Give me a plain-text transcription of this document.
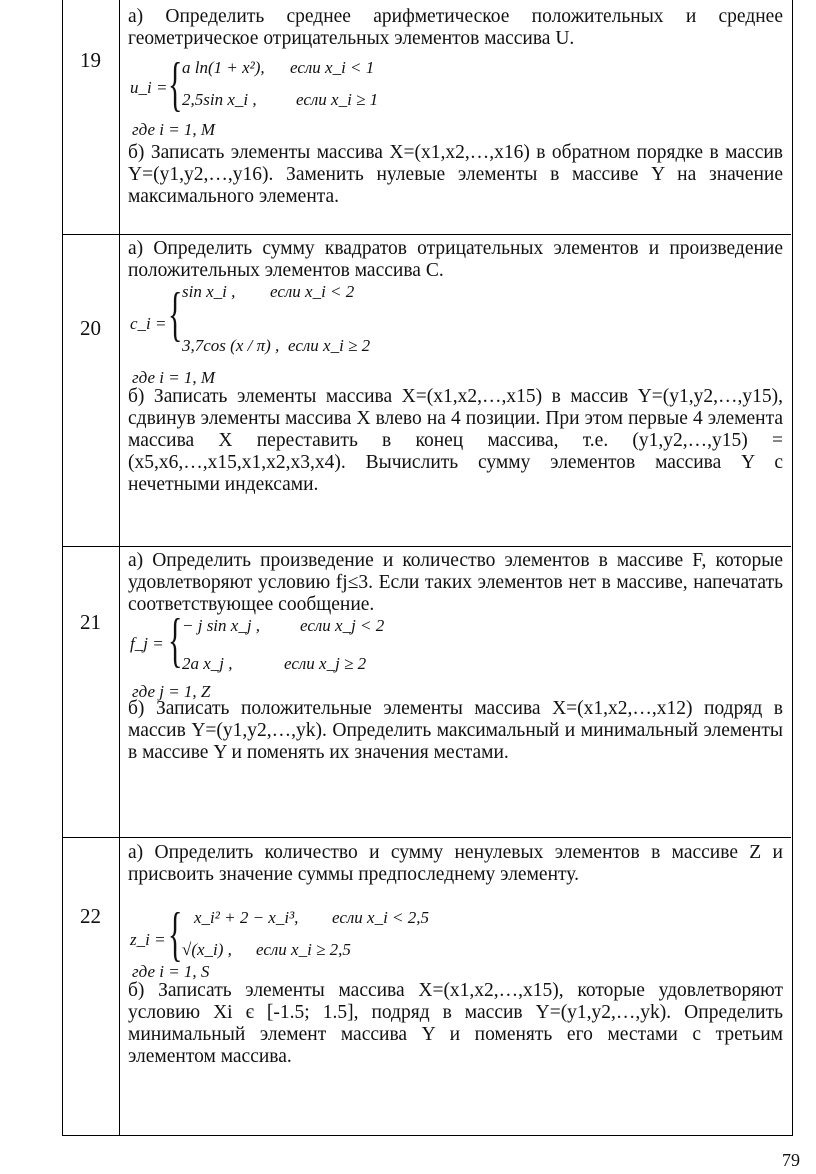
19
а) Определить среднее арифметическое положительных и среднее геометрическое отрицательных элементов массива U.
u_i = { a ln(1 + x²), если x_i < 1
2,5sin x_i , если x_i ≥ 1
где i = 1, M
б) Записать элементы массива X=(x1,x2,…,x16) в обратном порядке в массив Y=(y1,y2,…,y16). Заменить нулевые элементы в массиве Y на значение максимального элемента.
20
а) Определить сумму квадратов отрицательных элементов и произведение положительных элементов массива C.
c_i = { sin x_i , если x_i < 2
3,7cos (x / π) , если x_i ≥ 2
где i = 1, M
б) Записать элементы массива X=(x1,x2,…,x15) в массив Y=(y1,y2,…,y15), сдвинув элементы массива X влево на 4 позиции. При этом первые 4 элемента массива X переставить в конец массива, т.е. (y1,y2,…,y15) = (x5,x6,…,x15,x1,x2,x3,x4). Вычислить сумму элементов массива Y с нечетными индексами.
21
а) Определить произведение и количество элементов в массиве F, которые удовлетворяют условию fj≤3. Если таких элементов нет в массиве, напечатать соответствующее сообщение.
f_j = { − j sin x_j , если x_j < 2
2a x_j ,	если x_j ≥ 2
где j = 1, Z
б) Записать положительные элементы массива X=(x1,x2,…,x12) подряд в массив Y=(y1,y2,…,yk). Определить максимальный и минимальный элементы в массиве Y и поменять их значения местами.
22
а) Определить количество и сумму ненулевых элементов в массиве Z и присвоить значение суммы предпоследнему элементу.
z_i = { x_i² + 2 − x_i³, если x_i < 2,5
√(x_i) , если x_i ≥ 2,5
где i = 1, S
б) Записать элементы массива X=(x1,x2,…,x15), которые удовлетворяют условию Xi є [-1.5; 1.5], подряд в массив Y=(y1,y2,…,yk). Определить минимальный элемент массива Y и поменять его местами с третьим элементом массива.
79
